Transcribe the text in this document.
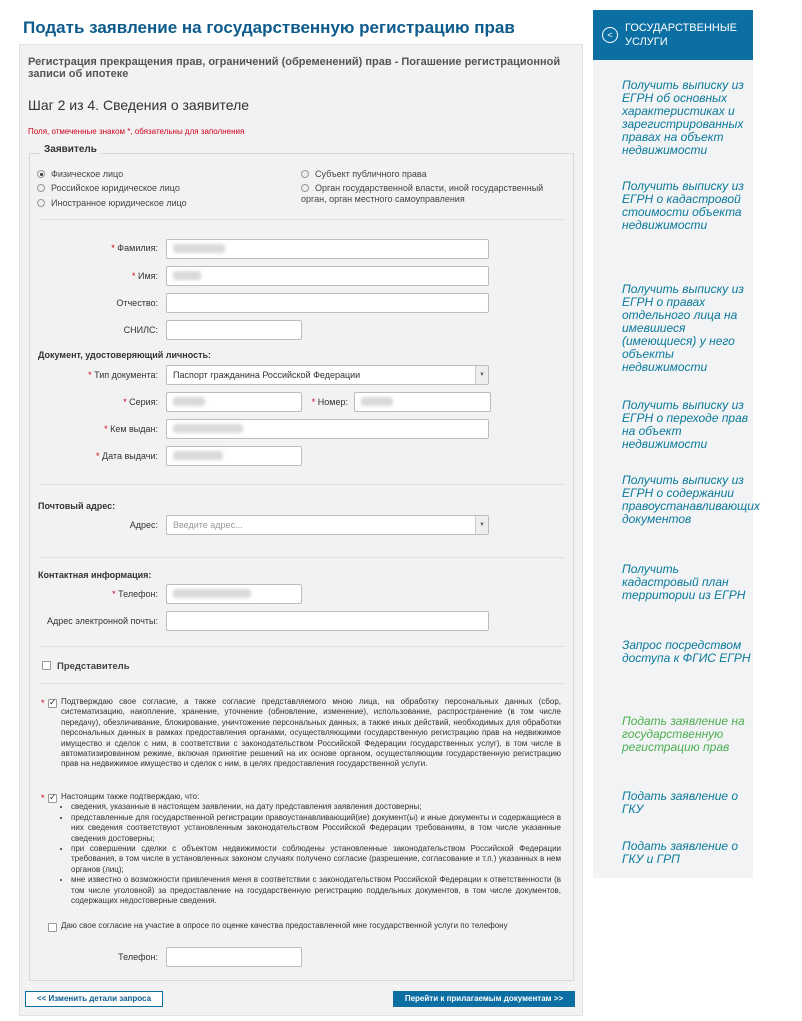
Подать заявление на государственную регистрацию прав
Регистрация прекращения прав, ограничений (обременений) прав - Погашение регистрационной записи об ипотеке
Шаг 2 из 4. Сведения о заявителе
Поля, отмеченные знаком *, обязательны для заполнения
Заявитель
Физическое лицо
Российское юридическое лицо
Иностранное юридическое лицо
Субъект публичного права
Орган государственной власти, иной государственный орган, орган местного самоуправления
* Фамилия:
* Имя:
Отчество:
СНИЛС:
Документ, удостоверяющий личность:
* Тип документа:	Паспорт гражданина Российской Федерации	▼
* Серия:	* Номер:
* Кем выдан:
* Дата выдачи:
Почтовый адрес:
Адрес:	Введите адрес...	▼
Контактная информация:
* Телефон:
Адрес электронной почты:
Представитель
* ✓ Подтверждаю свое согласие, а также согласие представляемого мною лица, на обработку персональных данных (сбор, систематизацию, накопление, хранение, уточнение (обновление, изменение), использование, распространение (в том числе передачу), обезличивание, блокирование, уничтожение персональных данных, а также иных действий, необходимых для обработки персональных данных в рамках предоставления органами, осуществляющими государственную регистрацию прав на недвижимое имущество и сделок с ним, в соответствии с законодательством Российской Федерации государственных услуг), в том числе в автоматизированном режиме, включая принятие решений на их основе органом, осуществляющим государственную регистрацию прав на недвижимое имущество и сделок с ним, в целях предоставления государственной услуги.
* ✓ Настоящим также подтверждаю, что:
• сведения, указанные в настоящем заявлении, на дату представления заявления достоверны;
• представленные для государственной регистрации правоустанавливающий(ие) документ(ы) и иные документы и содержащиеся в них сведения соответствуют установленным законодательством Российской Федерации требованиям, в том числе указанные сведения достоверны;
• при совершении сделки с объектом недвижимости соблюдены установленные законодательством Российской Федерации требования, в том числе в установленных законом случаях получено согласие (разрешение, согласование и т.п.) указанных в нем органов (лиц);
• мне известно о возможности привлечения меня в соответствии с законодательством Российской Федерации к ответственности (в том числе уголовной) за предоставление на государственную регистрацию поддельных документов, в том числе документов, содержащих недостоверные сведения.
Даю свое согласие на участие в опросе по оценке качества предоставленной мне государственной услуги по телефону
Телефон:
<< Изменить детали запроса	Перейти к прилагаемым документам >>
<
ГОСУДАРСТВЕННЫЕ УСЛУГИ
Получить выписку из ЕГРН об основных характеристиках и зарегистрированных правах на объект недвижимости
Получить выписку из ЕГРН о кадастровой стоимости объекта недвижимости
Получить выписку из ЕГРН о правах отдельного лица на имевшиеся (имеющиеся) у него объекты недвижимости
Получить выписку из ЕГРН о переходе прав на объект недвижимости
Получить выписку из ЕГРН о содержании правоустанавливающих документов
Получить кадастровый план территории из ЕГРН
Запрос посредством доступа к ФГИС ЕГРН
Подать заявление на государственную регистрацию прав
Подать заявление о ГКУ
Подать заявление о ГКУ и ГРП
